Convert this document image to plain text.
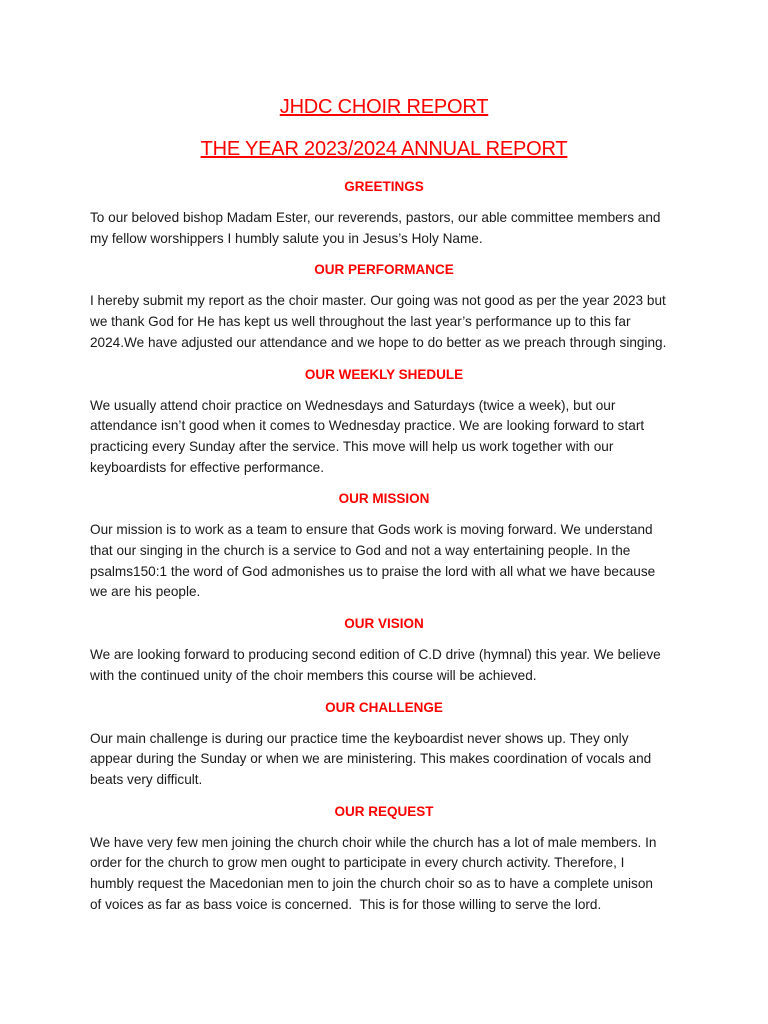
JHDC CHOIR REPORT
THE YEAR 2023/2024 ANNUAL REPORT
GREETINGS
To our beloved bishop Madam Ester, our reverends, pastors, our able committee members and
my fellow worshippers I humbly salute you in Jesus’s Holy Name.
OUR PERFORMANCE
I hereby submit my report as the choir master. Our going was not good as per the year 2023 but
we thank God for He has kept us well throughout the last year’s performance up to this far
2024.We have adjusted our attendance and we hope to do better as we preach through singing.
OUR WEEKLY SHEDULE
We usually attend choir practice on Wednesdays and Saturdays (twice a week), but our
attendance isn’t good when it comes to Wednesday practice. We are looking forward to start
practicing every Sunday after the service. This move will help us work together with our
keyboardists for effective performance.
OUR MISSION
Our mission is to work as a team to ensure that Gods work is moving forward. We understand
that our singing in the church is a service to God and not a way entertaining people. In the
psalms150:1 the word of God admonishes us to praise the lord with all what we have because
we are his people.
OUR VISION
We are looking forward to producing second edition of C.D drive (hymnal) this year. We believe
with the continued unity of the choir members this course will be achieved.
OUR CHALLENGE
Our main challenge is during our practice time the keyboardist never shows up. They only
appear during the Sunday or when we are ministering. This makes coordination of vocals and
beats very difficult.
OUR REQUEST
We have very few men joining the church choir while the church has a lot of male members. In
order for the church to grow men ought to participate in every church activity. Therefore, I
humbly request the Macedonian men to join the church choir so as to have a complete unison
of voices as far as bass voice is concerned.  This is for those willing to serve the lord.
